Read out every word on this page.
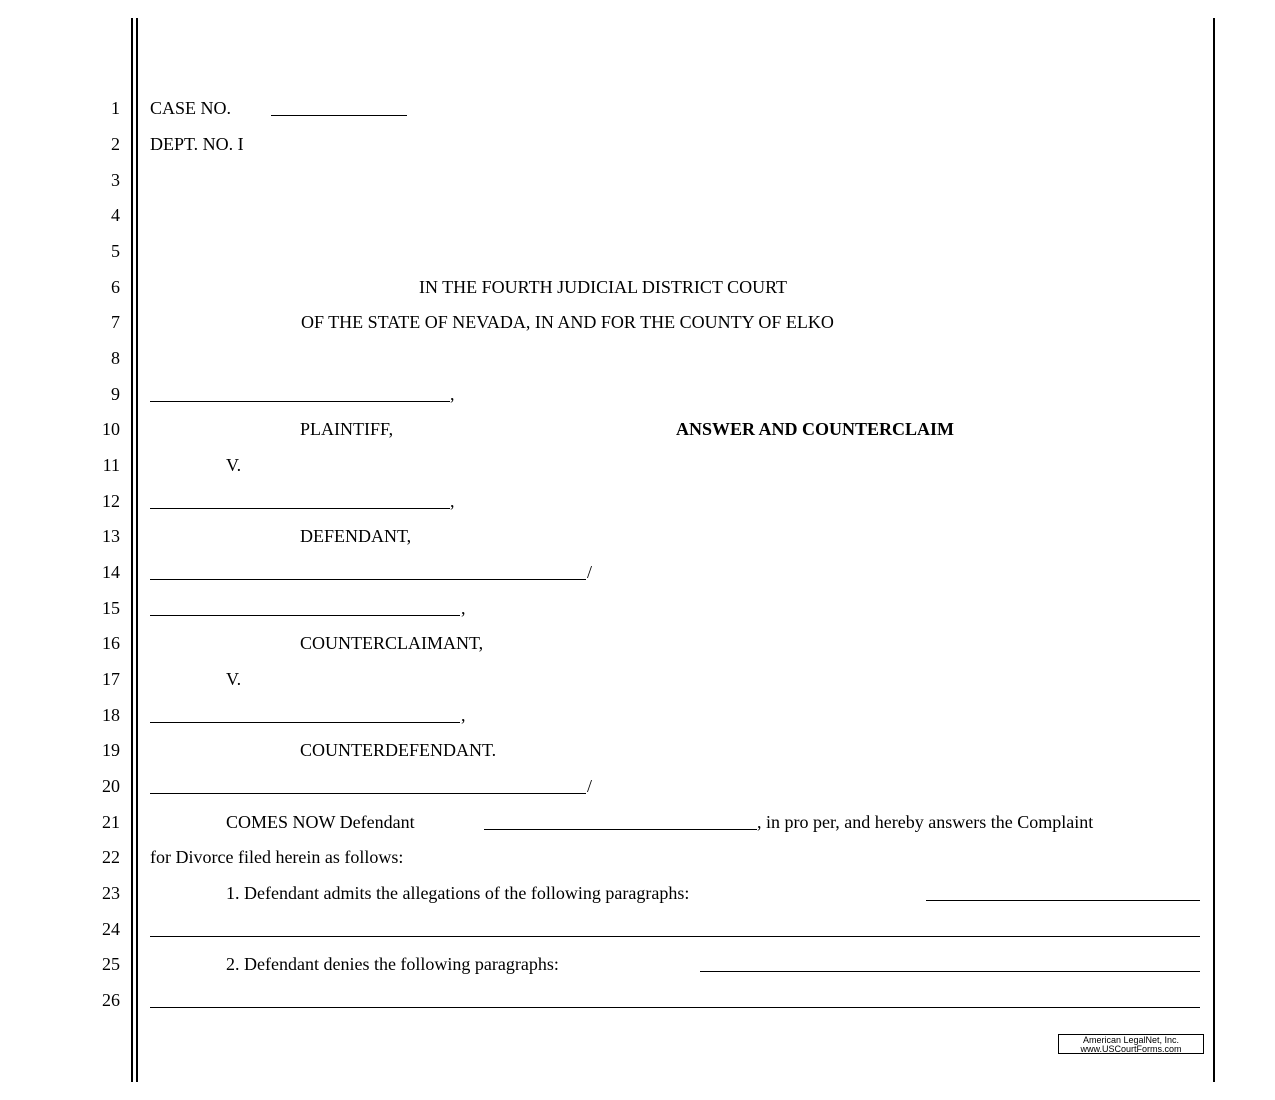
1
2
3
4
5
6
7
8
9
10
11
12
13
14
15
16
17
18
19
20
21
22
23
24
25
26
CASE NO.
DEPT. NO. I
IN THE FOURTH JUDICIAL DISTRICT COURT
OF THE STATE OF NEVADA, IN AND FOR THE COUNTY OF ELKO
,
PLAINTIFF,	ANSWER AND COUNTERCLAIM
V.
,
DEFENDANT,
/
,
COUNTERCLAIMANT,
V.
,
COUNTERDEFENDANT.
/
COMES NOW Defendant	, in pro per, and hereby answers the Complaint
for Divorce filed herein as follows:
1. Defendant admits the allegations of the following paragraphs:
2. Defendant denies the following paragraphs:
American LegalNet, Inc.
www.USCourtForms.com
